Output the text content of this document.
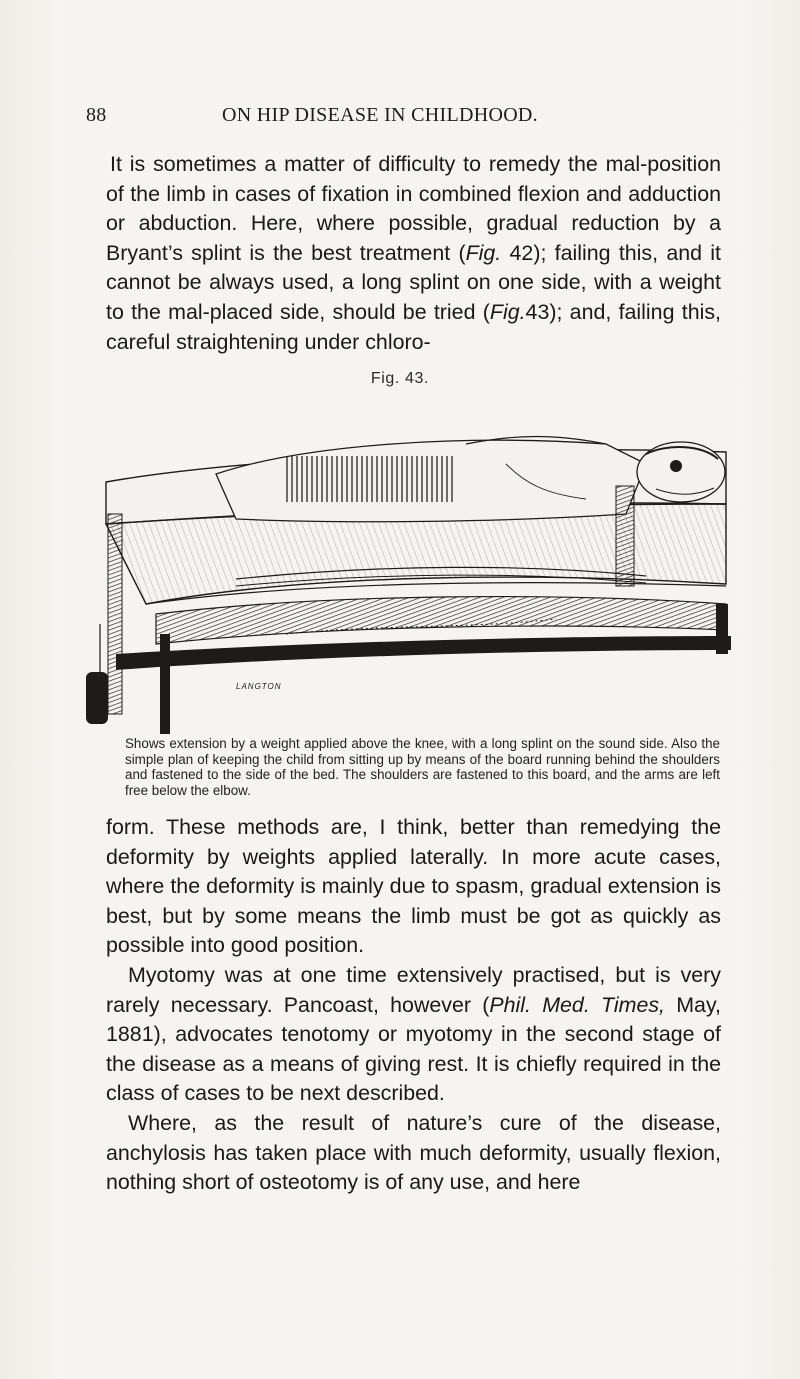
88	ON HIP DISEASE IN CHILDHOOD.

It is sometimes a matter of difficulty to remedy the mal-position of the limb in cases of fixation in combined flexion and adduction or abduction. Here, where possible, gradual reduction by a Bryant’s splint is the best treatment (Fig. 42); failing this, and it cannot be always used, a long splint on one side, with a weight to the mal-placed side, should be tried (Fig.43); and, failing this, careful straightening under chloro-

Fig. 43.
LANGTON
Shows extension by a weight applied above the knee, with a long splint on the sound side. Also the simple plan of keeping the child from sitting up by means of the board running behind the shoulders and fastened to the side of the bed. The shoulders are fastened to this board, and the arms are left free below the elbow.

form. These methods are, I think, better than remedying the deformity by weights applied laterally. In more acute cases, where the deformity is mainly due to spasm, gradual extension is best, but by some means the limb must be got as quickly as possible into good position.

Myotomy was at one time extensively practised, but is very rarely necessary. Pancoast, however (Phil. Med. Times, May, 1881), advocates tenotomy or myotomy in the second stage of the disease as a means of giving rest. It is chiefly required in the class of cases to be next described.

Where, as the result of nature’s cure of the disease, anchylosis has taken place with much deformity, usually flexion, nothing short of osteotomy is of any use, and here
